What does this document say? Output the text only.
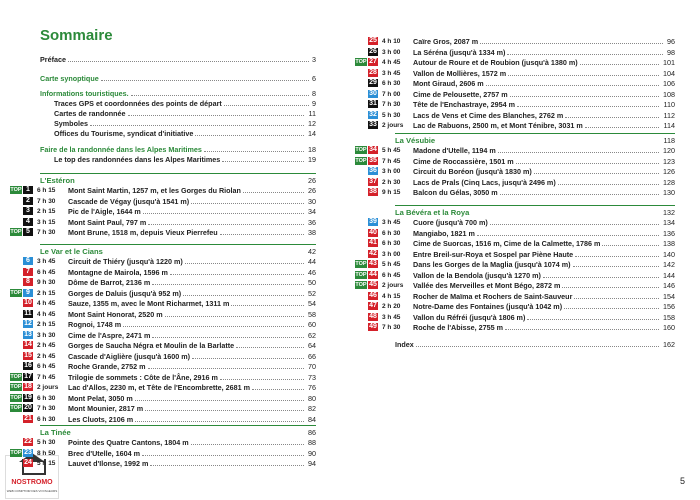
Sommaire
5
NOSTROMO
WEB COMPTOIR DES VOYAGEURS
Préface	3
Carte synoptique	6
Informations touristiques.	8
Traces GPS et coordonnées des points de départ	9
Cartes de randonnée	11
Symboles	12
Offices du Tourisme, syndicat d'initiative	14
Faire de la randonnée dans les Alpes Maritimes	18
Le top des randonnées dans les Alpes Maritimes	19
L'Estéron	26
TOP 1	6 h 15 Mont Saint Martin, 1257 m, et les Gorges du Riolan	26
2	7 h 30 Cascade de Végay (jusqu'à 1541 m)	30
3	2 h 15 Pic de l'Aigle, 1644 m	34
4	3 h 15 Mont Saint Paul, 797 m	36
TOP 5	7 h 30 Mont Brune, 1518 m, depuis Vieux Pierrefeu	38
Le Var et le Cians	42
6	3 h 45 Circuit de Thiéry (jusqu'à 1220 m)	44
7	6 h 45 Montagne de Mairola, 1596 m	46
8	9 h 30 Dôme de Barrot, 2136 m	50
TOP 9	2 h 15 Gorges de Daluis (jusqu'à 952 m)	52
10 4 h 45 Sauze, 1355 m, avec le Mont Richarmet, 1311 m	54
11 4 h 45 Mont Saint Honorat, 2520 m	58
12 2 h 15 Rognoi, 1748 m	60
13 3 h 30 Cime de l'Aspre, 2471 m	62
14 2 h 45 Gorges de Saucha Négra et Moulin de la Barlatte	64
15 2 h 45 Cascade d'Aiglière (jusqu'à 1600 m)	66
16 6 h 45 Roche Grande, 2752 m	70
TOP 17 7 h 45 Trilogie de sommets : Côte de l'Âne, 2916 m	73
TOP 18 2 jours Lac d'Allos, 2230 m, et Tête de l'Encombrette, 2681 m	76
TOP 19 6 h 30 Mont Pelat, 3050 m	80
TOP 20 7 h 30 Mont Mounier, 2817 m	82
21 6 h 30 Les Cluots, 2106 m	84
La Tinée	86
22 5 h 30 Pointe des Quatre Cantons, 1804 m	88
TOP 23 8 h 50 Brec d'Utelle, 1604 m	90
24 5 h 15 Lauvet d'Ilonse, 1992 m	94
25 4 h 10 Caïre Gros, 2087 m	96
26 3 h 00 La Séréna (jusqu'à 1334 m)	98
TOP 27 4 h 45 Autour de Roure et de Roubion (jusqu'à 1380 m)	101
28 3 h 45 Vallon de Mollières, 1572 m	104
29 6 h 30 Mont Giraud, 2606 m	106
30 7 h 00 Cime de Pelousette, 2757 m	108
31 7 h 30 Tête de l'Enchastraye, 2954 m	110
32 5 h 30 Lacs de Vens et Cime des Blanches, 2762 m	112
33 2 jours Lac de Rabuons, 2500 m, et Mont Ténibre, 3031 m	114
La Vésubie	118
TOP 34 5 h 45 Madone d'Utelle, 1194 m	120
TOP 35 7 h 45 Cime de Roccassière, 1501 m	123
36 3 h 00 Circuit du Boréon (jusqu'à 1830 m)	126
37 2 h 30 Lacs de Prals (Cinq Lacs, jusqu'à 2496 m)	128
38 9 h 15 Balcon du Gélas, 3050 m	130
La Bévéra et la Roya	132
39 3 h 45 Cuore (jusqu'à 700 m)	134
40 6 h 30 Mangiabo, 1821 m	136
41 6 h 30 Cime de Suorcas, 1516 m, Cime de la Calmette, 1786 m	138
42 3 h 00 Entre Breil-sur-Roya et Sospel par Piène Haute	140
TOP 43 5 h 45 Dans les Gorges de la Maglia (jusqu'à 1074 m)	142
TOP 44 6 h 45 Vallon de la Bendola (jusqu'à 1270 m)	144
TOP 45 2 jours Vallée des Merveilles et Mont Bégo, 2872 m	146
46 4 h 15 Rocher de Maïma et Rochers de Saint-Sauveur	154
47 2 h 20 Notre-Dame des Fontaines (jusqu'à 1042 m)	156
48 3 h 45 Vallon du Réfréi (jusqu'à 1806 m)	158
49 7 h 30 Roche de l'Abisse, 2755 m	160
Index	162
